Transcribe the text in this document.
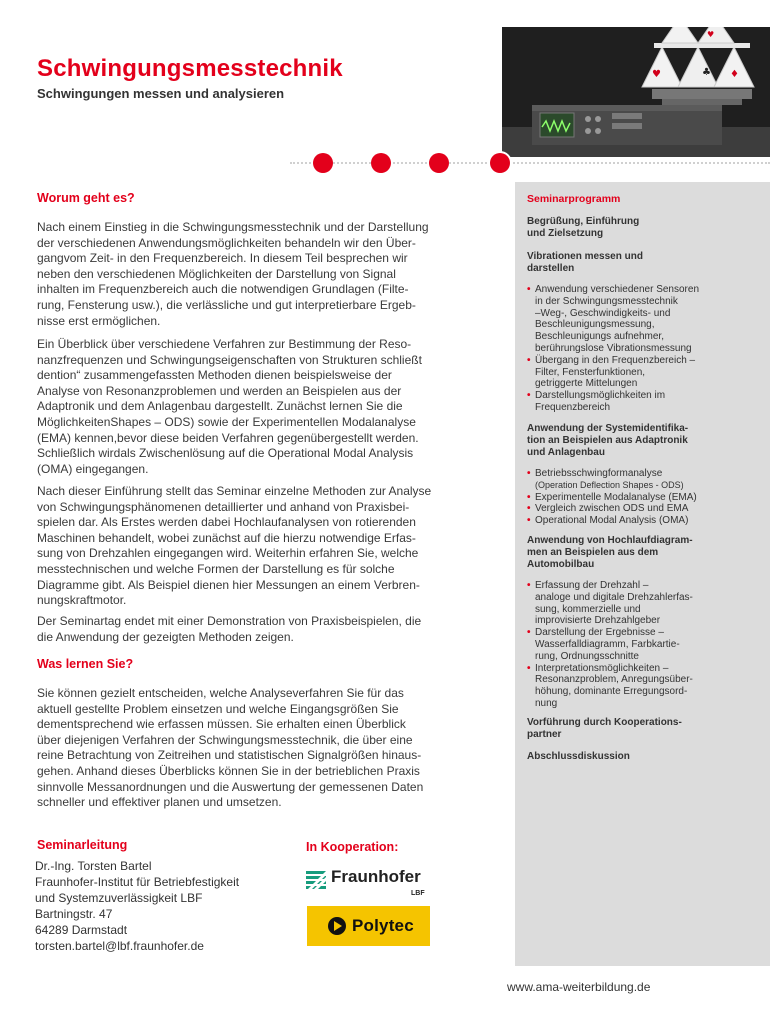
Schwingungsmesstechnik
Schwingungen messen und analysieren
♥	♣ ♦
♥
Worum geht es?
Nach einem Einstieg in die Schwingungsmesstechnik und der Darstellung
der verschiedenen Anwendungsmöglichkeiten behandeln wir den Über-
gangvom Zeit- in den Frequenzbereich. In diesem Teil besprechen wir
neben den verschiedenen Möglichkeiten der Darstellung von Signal
inhalten im Frequenzbereich auch die notwendigen Grundlagen (Filte-
rung, Fensterung usw.), die verlässliche und gut interpretierbare Ergeb-
nisse erst ermöglichen.
Ein Überblick über verschiedene Verfahren zur Bestimmung der Reso-
nanzfrequenzen und Schwingungseigenschaften von Strukturen schließt
dention“ zusammengefassten Methoden dienen beispielsweise der
Analyse von Resonanzproblemen und werden an Beispielen aus der
Adaptronik und dem Anlagenbau dargestellt. Zunächst lernen Sie die
MöglichkeitenShapes – ODS) sowie der Experimentellen Modalanalyse
(EMA) kennen,bevor diese beiden Verfahren gegenübergestellt werden.
Schließlich wirdals Zwischenlösung auf die Operational Modal Analysis
(OMA) eingegangen.
Nach dieser Einführung stellt das Seminar einzelne Methoden zur Analyse
von Schwingungsphänomenen detaillierter und anhand von Praxisbei-
spielen dar. Als Erstes werden dabei Hochlaufanalysen von rotierenden
Maschinen behandelt, wobei zunächst auf die hierzu notwendige Erfas-
sung von Drehzahlen eingegangen wird. Weiterhin erfahren Sie, welche
messtechnischen und welche Formen der Darstellung es für solche
Diagramme gibt. Als Beispiel dienen hier Messungen an einem Verbren-
nungskraftmotor.
Der Seminartag endet mit einer Demonstration von Praxisbeispielen, die
die Anwendung der gezeigten Methoden zeigen.
Was lernen Sie?
Sie können gezielt entscheiden, welche Analyseverfahren Sie für das
aktuell gestellte Problem einsetzen und welche Eingangsgrößen Sie
dementsprechend wie erfassen müssen. Sie erhalten einen Überblick
über diejenigen Verfahren der Schwingungsmesstechnik, die über eine
reine Betrachtung von Zeitreihen und statistischen Signalgrößen hinaus-
gehen. Anhand dieses Überblicks können Sie in der betrieblichen Praxis
sinnvolle Messanordnungen und die Auswertung der gemessenen Daten
schneller und effektiver planen und umsetzen.
Seminarprogramm
Begrüßung, Einführung
und Zielsetzung
Vibrationen messen und
darstellen
• Anwendung verschiedener Sensoren
in der Schwingungsmesstechnik
–Weg-, Geschwindigkeits- und
Beschleunigungsmessung,
Beschleunigungs aufnehmer,
berührungslose Vibrationsmessung
• Übergang in den Frequenzbereich –
Filter, Fensterfunktionen,
getriggerte Mittelungen
• Darstellungsmöglichkeiten im
Frequenzbereich
Anwendung der Systemidentifika-
tion an Beispielen aus Adaptronik
und Anlagenbau
• Betriebsschwingformanalyse
(Operation Deflection Shapes - ODS)
• Experimentelle Modalanalyse (EMA)
• Vergleich zwischen ODS und EMA
• Operational Modal Analysis (OMA)
Anwendung von Hochlaufdiagram-
men an Beispielen aus dem
Automobilbau
• Erfassung der Drehzahl –
analoge und digitale Drehzahlerfas-
sung, kommerzielle und
improvisierte Drehzahlgeber
• Darstellung der Ergebnisse –
Wasserfalldiagramm, Farbkartie-
rung, Ordnungsschnitte
• Interpretationsmöglichkeiten –
Resonanzproblem, Anregungsüber-
höhung, dominante Erregungsord-
nung
Vorführung durch Kooperations-
partner
Abschlussdiskussion
Seminarleitung
Dr.-Ing. Torsten Bartel
Fraunhofer-Institut für Betriebfestigkeit
und Systemzuverlässigkeit LBF
Bartningstr. 47
64289 Darmstadt
torsten.bartel@lbf.fraunhofer.de
In Kooperation:
Fraunhofer
LBF
Polytec
www.ama-weiterbildung.de
